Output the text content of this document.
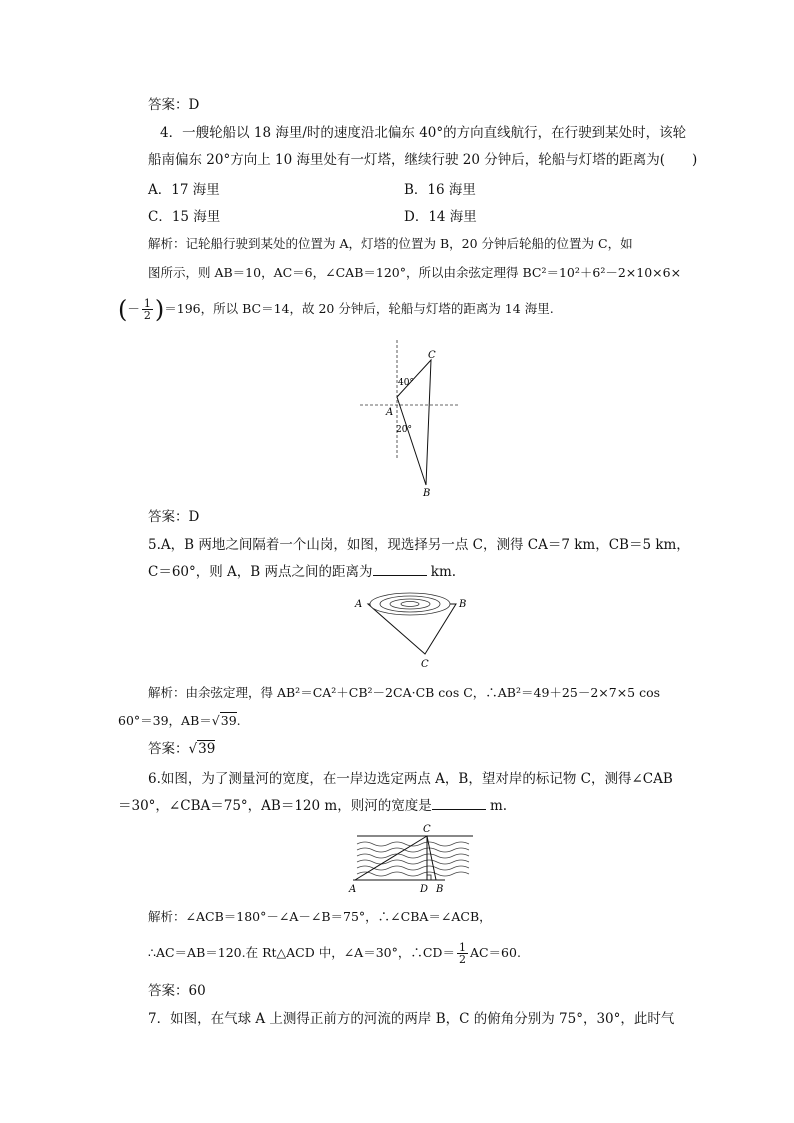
答案：D
4．一艘轮船以 18 海里/时的速度沿北偏东 40°的方向直线航行，在行驶到某处时，该轮
船南偏东 20°方向上 10 海里处有一灯塔，继续行驶 20 分钟后，轮船与灯塔的距离为(　　)
A．17 海里	B．16 海里
C．15 海里	D．14 海里
解析：记轮船行驶到某处的位置为 A，灯塔的位置为 B，20 分钟后轮船的位置为 C，如
图所示，则 AB＝10，AC＝6，∠CAB＝120°，所以由余弦定理得 BC²＝10²＋6²－2×10×6×
(－ $\frac{1}{2} )=196$，所以 BC＝14，故 20 分钟后，轮船与灯塔的距离为 14 海里.
C
A
B
40°
20°
答案：D
5.A，B 两地之间隔着一个山岗，如图，现选择另一点 C，测得 CA＝7 km，CB＝5 km，
C＝60°，则 A，B 两点之间的距离为	km.
A	B
C
解析：由余弦定理，得 AB²＝CA²＋CB²－2CA·CB cos C，∴AB²＝49＋25－2×7×5 cos
60°＝39，AB＝√39.
答案：√39
6.如图，为了测量河的宽度，在一岸边选定两点 A，B，望对岸的标记物 C，测得∠CAB
＝30°，∠CBA＝75°，AB＝120 m，则河的宽度是	m.
C
A	D B
解析：∠ACB＝180°－∠A－∠B＝75°，∴∠CBA＝∠ACB，
∴AC＝AB＝120.在 Rt△ACD 中，∠A＝30°，∴CD＝ $\frac{1}{2} AC=60$.
答案：60
7．如图，在气球 A 上测得正前方的河流的两岸 B，C 的俯角分别为 75°，30°，此时气
